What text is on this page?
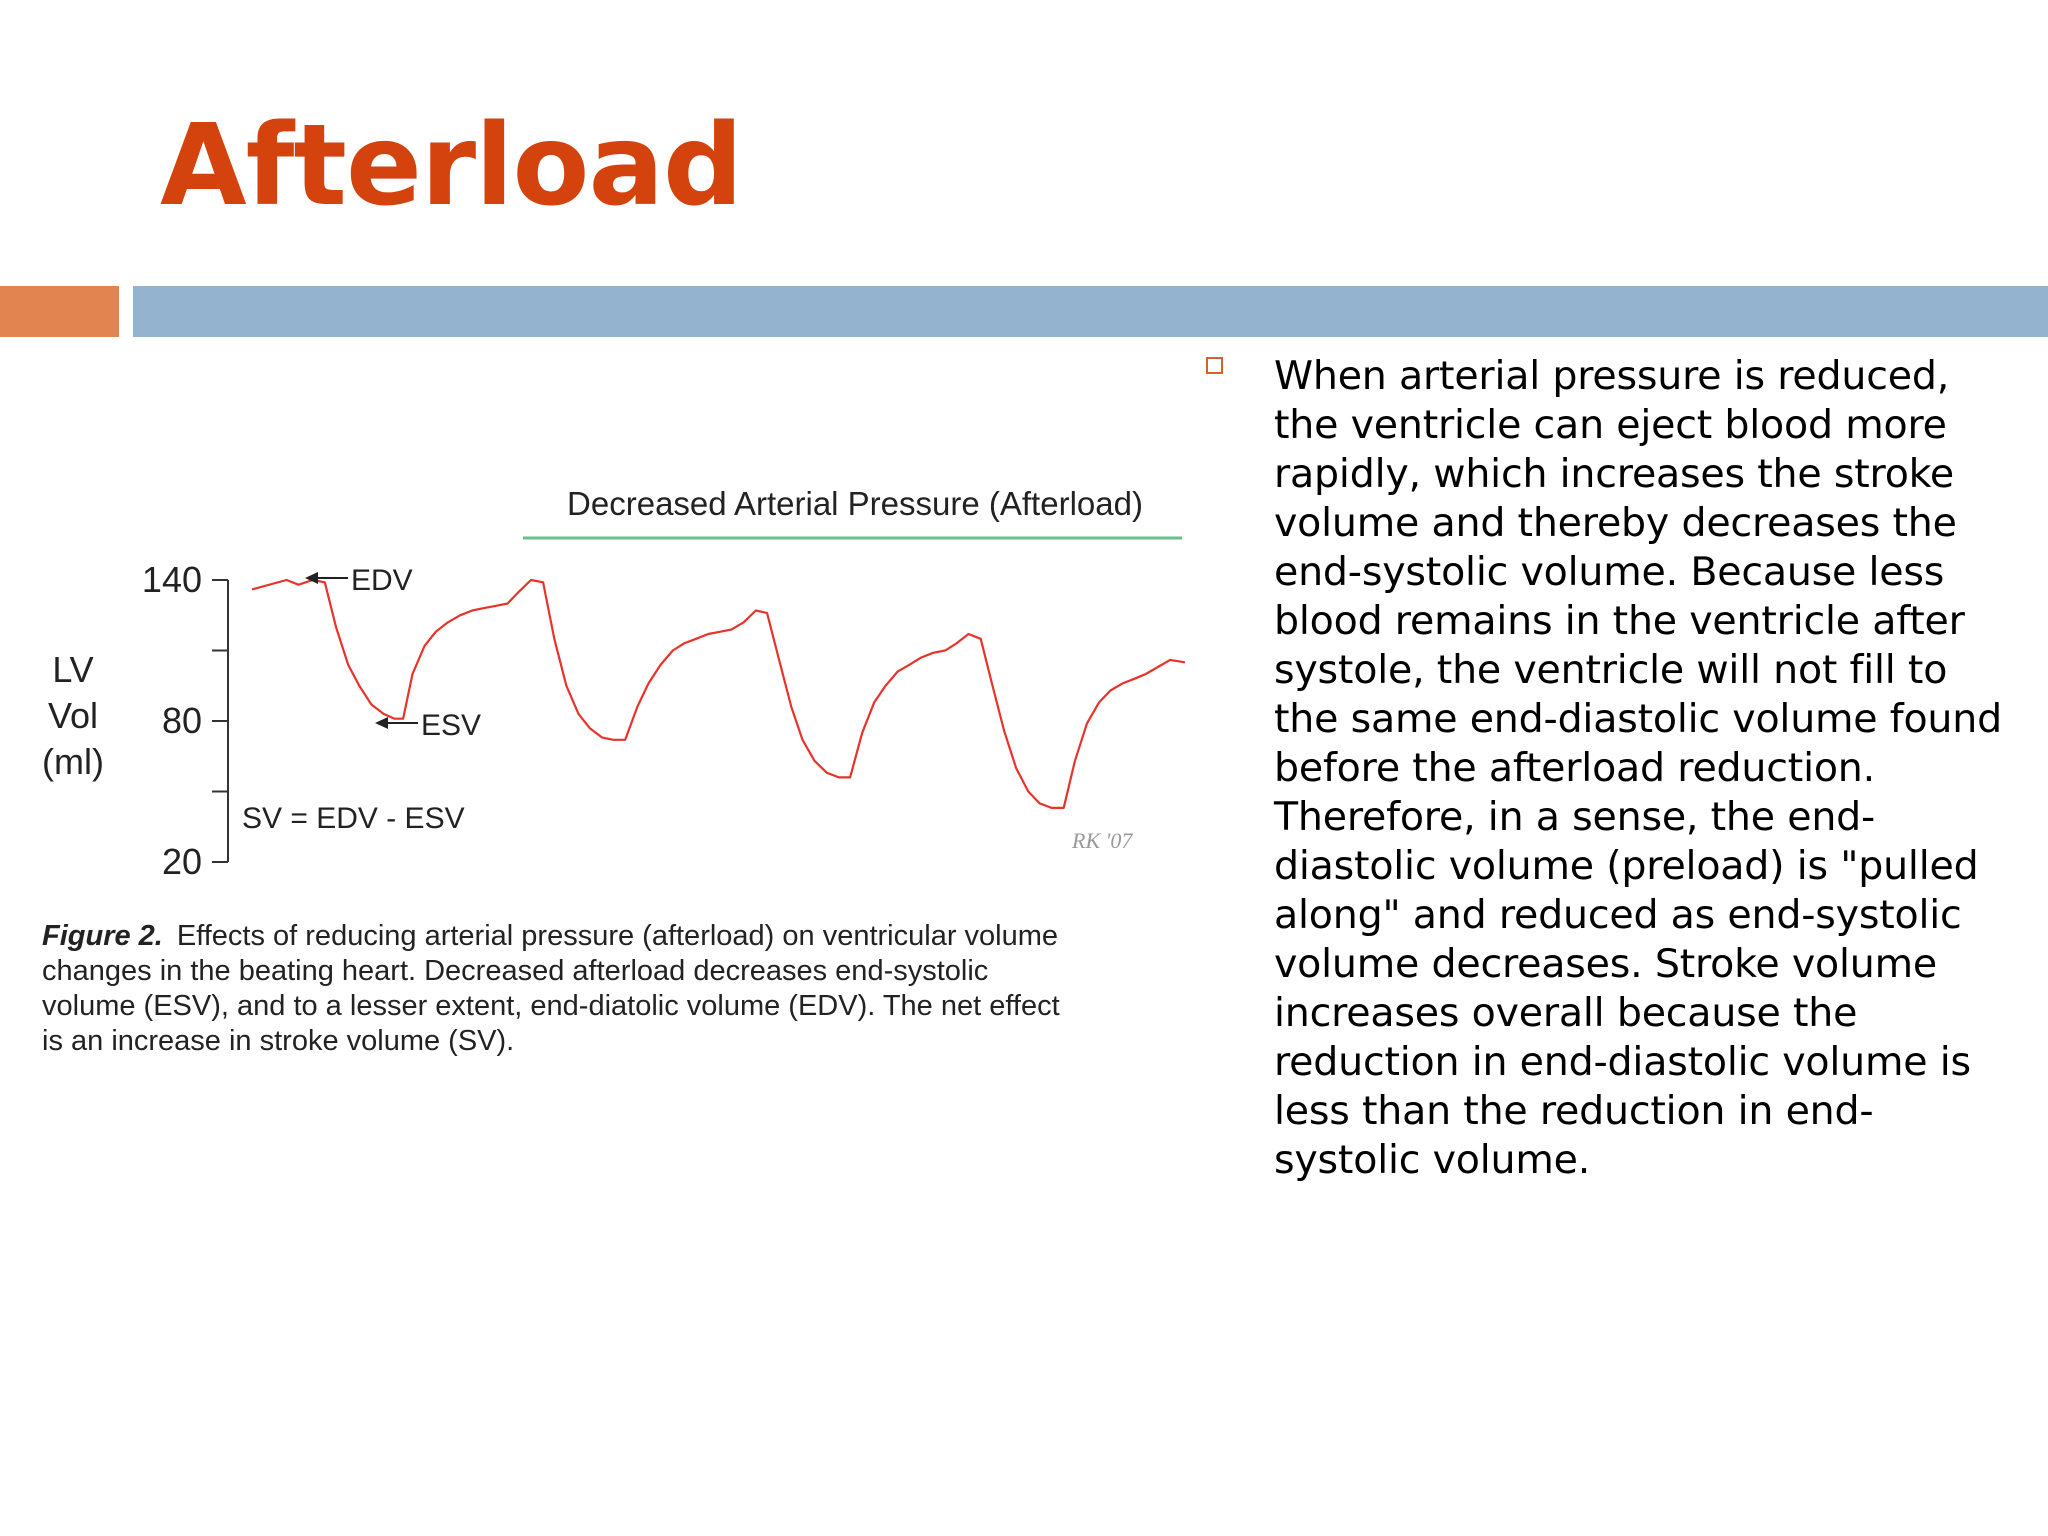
Afterload
Decreased Arterial Pressure (Afterload)
LV
Vol
(ml)
140
80
20
EDV
ESV
SV = EDV - ESV
RK '07
Figure 2. Effects of reducing arterial pressure (afterload) on ventricular volume
changes in the beating heart. Decreased afterload decreases end-systolic
volume (ESV), and to a lesser extent, end-diatolic volume (EDV). The net effect
is an increase in stroke volume (SV).

When arterial pressure is reduced, the ventricle can eject blood more rapidly, which increases the stroke volume and thereby decreases the end-systolic volume. Because less blood remains in the ventricle after systole, the ventricle will not fill to the same end-diastolic volume found before the afterload reduction. Therefore, in a sense, the end-diastolic volume (preload) is "pulled along" and reduced as end-systolic volume decreases. Stroke volume increases overall because the reduction in end-diastolic volume is less than the reduction in end-systolic volume.
